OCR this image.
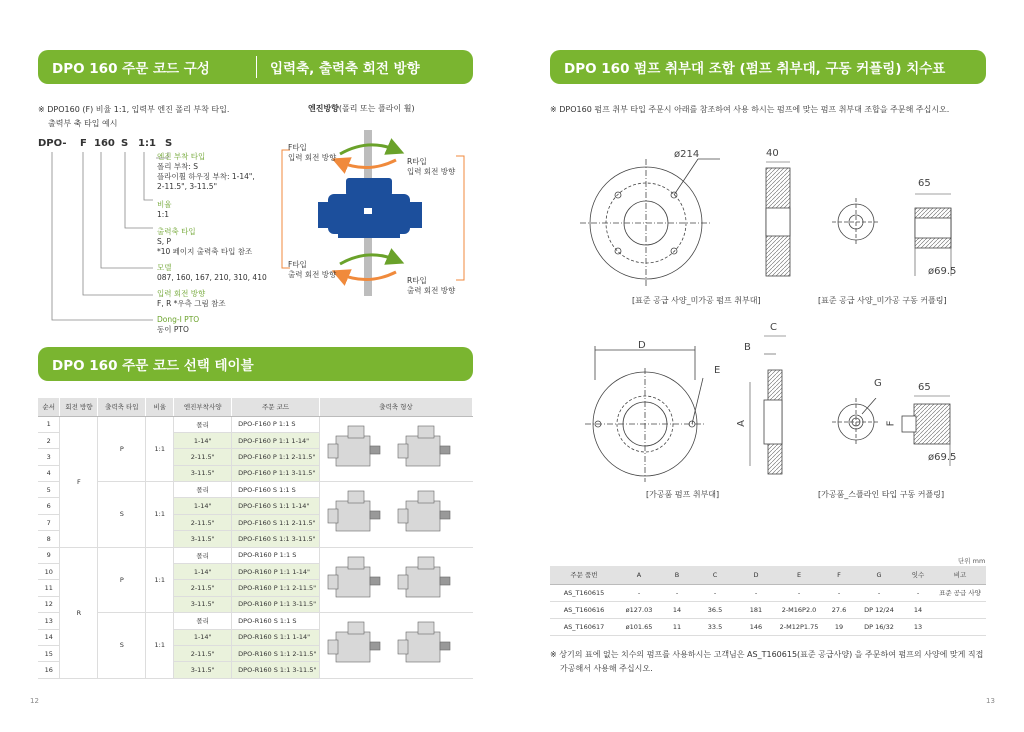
DPO 160 주문 코드 구성	입력축, 출력축 회전 방향
※ DPO160 (F) 비율 1:1, 입력부 엔진 폴리 부착 타입.
출력부 축 타입 예시
DPO- F 160 S 1:1 S
엔진 부착 타입
폴리 부착: S
플라이휠 하우징 부착: 1-14",
2-11.5", 3-11.5"
비율
1:1
출력축 타입
S, P
*10 페이지 출력축 타입 참조
모델
087, 160, 167, 210, 310, 410
입력 회전 방향
F, R *우측 그림 참조
Dong-I PTO
동이 PTO
엔진방향(폴리 또는 플라이 휠)
F타입
입력 회전 방향	R타입
입력 회전 방향
F타입
출력 회전 방향
R타입
출력 회전 방향
DPO 160 주문 코드 선택 테이블
순서	회전 방향	출력축 타입	비율	엔진부착사양	주문 코드	출력축 형상
1	F	P	1:1	폴리	DPO-F160 P 1:1 S	
2				1-14"	DPO-F160 P 1:1 1-14"	
3				2-11.5"	DPO-F160 P 1:1 2-11.5"	
4				3-11.5"	DPO-F160 P 1:1 3-11.5"	
5		S	1:1	폴리	DPO-F160 S 1:1 S	
6				1-14"	DPO-F160 S 1:1 1-14"	
7				2-11.5"	DPO-F160 S 1:1 2-11.5"	
8				3-11.5"	DPO-F160 S 1:1 3-11.5"	
9	R	P	1:1	폴리	DPO-R160 P 1:1 S	
10				1-14"	DPO-R160 P 1:1 1-14"	
11				2-11.5"	DPO-R160 P 1:1 2-11.5"	
12				3-11.5"	DPO-R160 P 1:1 3-11.5"	
13		S	1:1	폴리	DPO-R160 S 1:1 S	
14				1-14"	DPO-R160 S 1:1 1-14"	
15				2-11.5"	DPO-R160 S 1:1 2-11.5"	
16				3-11.5"	DPO-R160 S 1:1 3-11.5"	
12
DPO 160 펌프 취부대 조합 (펌프 취부대, 구동 커플링) 치수표
※ DPO160 펌프 취부 타입 주문시 아래를 참조하여 사용 하시는 펌프에 맞는 펌프 취부대 조합을 주문해 주십시오.
ø214	40
65
ø69.5
[표준 공급 사양_미가공 펌프 취부대]	[표준 공급 사양_미가공 구동 커플링]
D
E
C
B
A
G	65
F
ø69.5
[가공품 펌프 취부대]	[가공품_스플라인 타입 구동 커플링]
단위 mm
주문 품번	A	B	C	D	E	F	G	잇수	비고
AS_T160615	-	-	-	-	-	-	-	-	표준 공급 사양
AS_T160616	ø127.03	14	36.5	181	2-M16P2.0	27.6	DP 12/24	14	
AS_T160617	ø101.65	11	33.5	146	2-M12P1.75	19	DP 16/32	13	
※ 상기의 표에 없는 치수의 펌프를 사용하시는 고객님은 AS_T160615(표준 공급사양) 을 주문하여 펌프의 사양에 맞게 직접
가공해서 사용해 주십시오.
13
